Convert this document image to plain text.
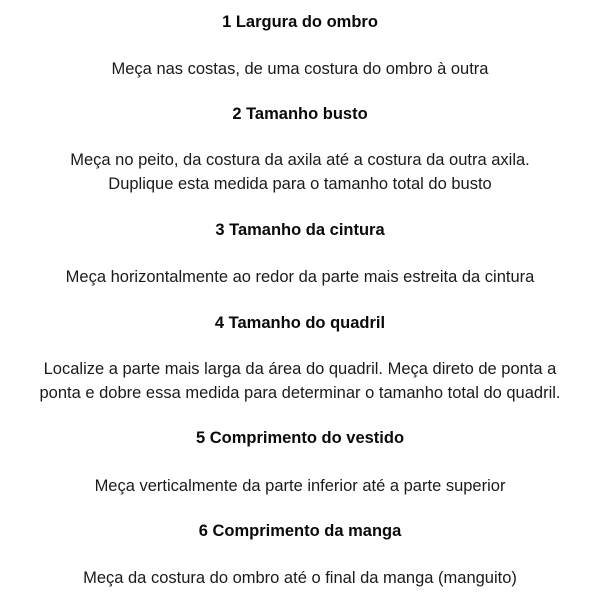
1 Largura do ombro
Meça nas costas, de uma costura do ombro à outra
2 Tamanho busto
Meça no peito, da costura da axila até a costura da outra axila.
Duplique esta medida para o tamanho total do busto
3 Tamanho da cintura
Meça horizontalmente ao redor da parte mais estreita da cintura
4 Tamanho do quadril
Localize a parte mais larga da área do quadril. Meça direto de ponta a
ponta e dobre essa medida para determinar o tamanho total do quadril.
5 Comprimento do vestido
Meça verticalmente da parte inferior até a parte superior
6 Comprimento da manga
Meça da costura do ombro até o final da manga (manguito)
